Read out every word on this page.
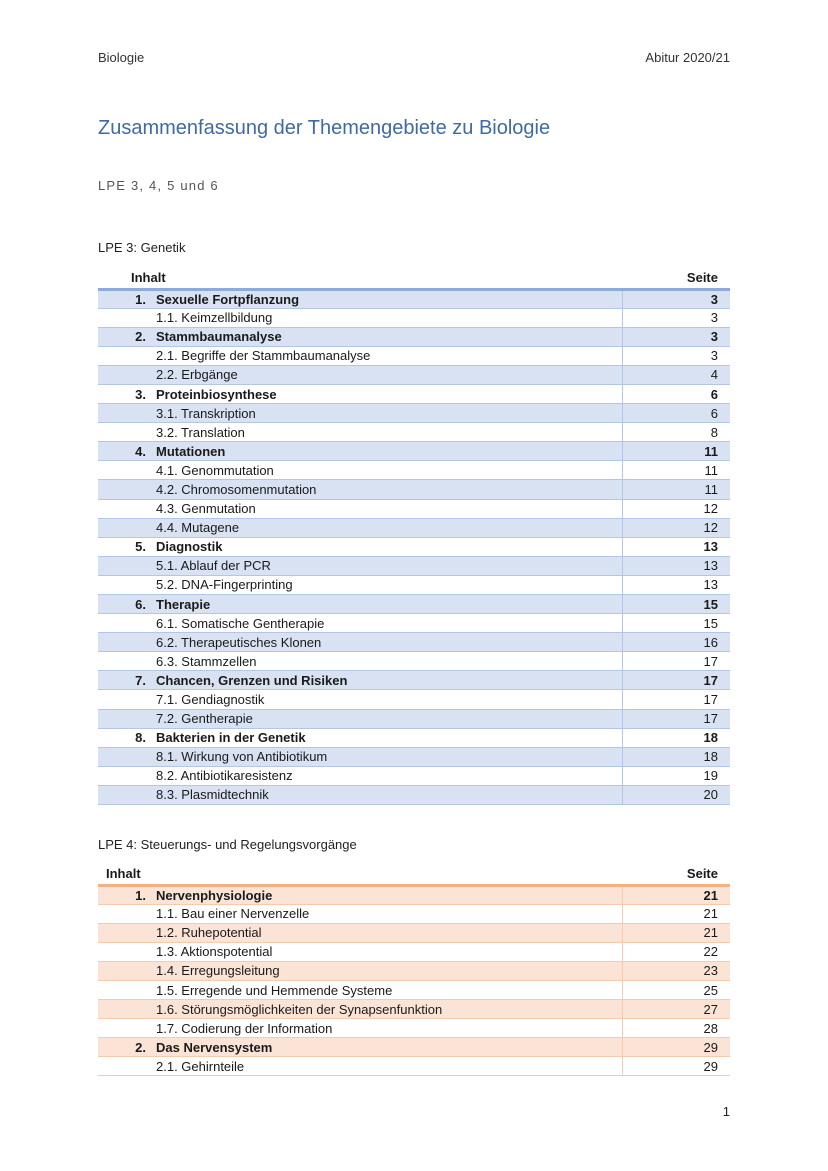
Biologie	Abitur 2020/21
Zusammenfassung der Themengebiete zu Biologie
LPE 3, 4, 5 und 6
LPE 3: Genetik
Inhalt	Seite
1. Sexuelle Fortpflanzung	3
1.1. Keimzellbildung	3
2. Stammbaumanalyse	3
2.1. Begriffe der Stammbaumanalyse	3
2.2. Erbgänge	4
3. Proteinbiosynthese	6
3.1. Transkription	6
3.2. Translation	8
4. Mutationen	11
4.1. Genommutation	11
4.2. Chromosomenmutation	11
4.3. Genmutation	12
4.4. Mutagene	12
5. Diagnostik	13
5.1. Ablauf der PCR	13
5.2. DNA-Fingerprinting	13
6. Therapie	15
6.1. Somatische Gentherapie	15
6.2. Therapeutisches Klonen	16
6.3. Stammzellen	17
7. Chancen, Grenzen und Risiken	17
7.1. Gendiagnostik	17
7.2. Gentherapie	17
8. Bakterien in der Genetik	18
8.1. Wirkung von Antibiotikum	18
8.2. Antibiotikaresistenz	19
8.3. Plasmidtechnik	20
LPE 4: Steuerungs- und Regelungsvorgänge
Inhalt	Seite
1. Nervenphysiologie	21
1.1. Bau einer Nervenzelle	21
1.2. Ruhepotential	21
1.3. Aktionspotential	22
1.4. Erregungsleitung	23
1.5. Erregende und Hemmende Systeme	25
1.6. Störungsmöglichkeiten der Synapsenfunktion	27
1.7. Codierung der Information	28
2. Das Nervensystem	29
2.1. Gehirnteile	29
1
